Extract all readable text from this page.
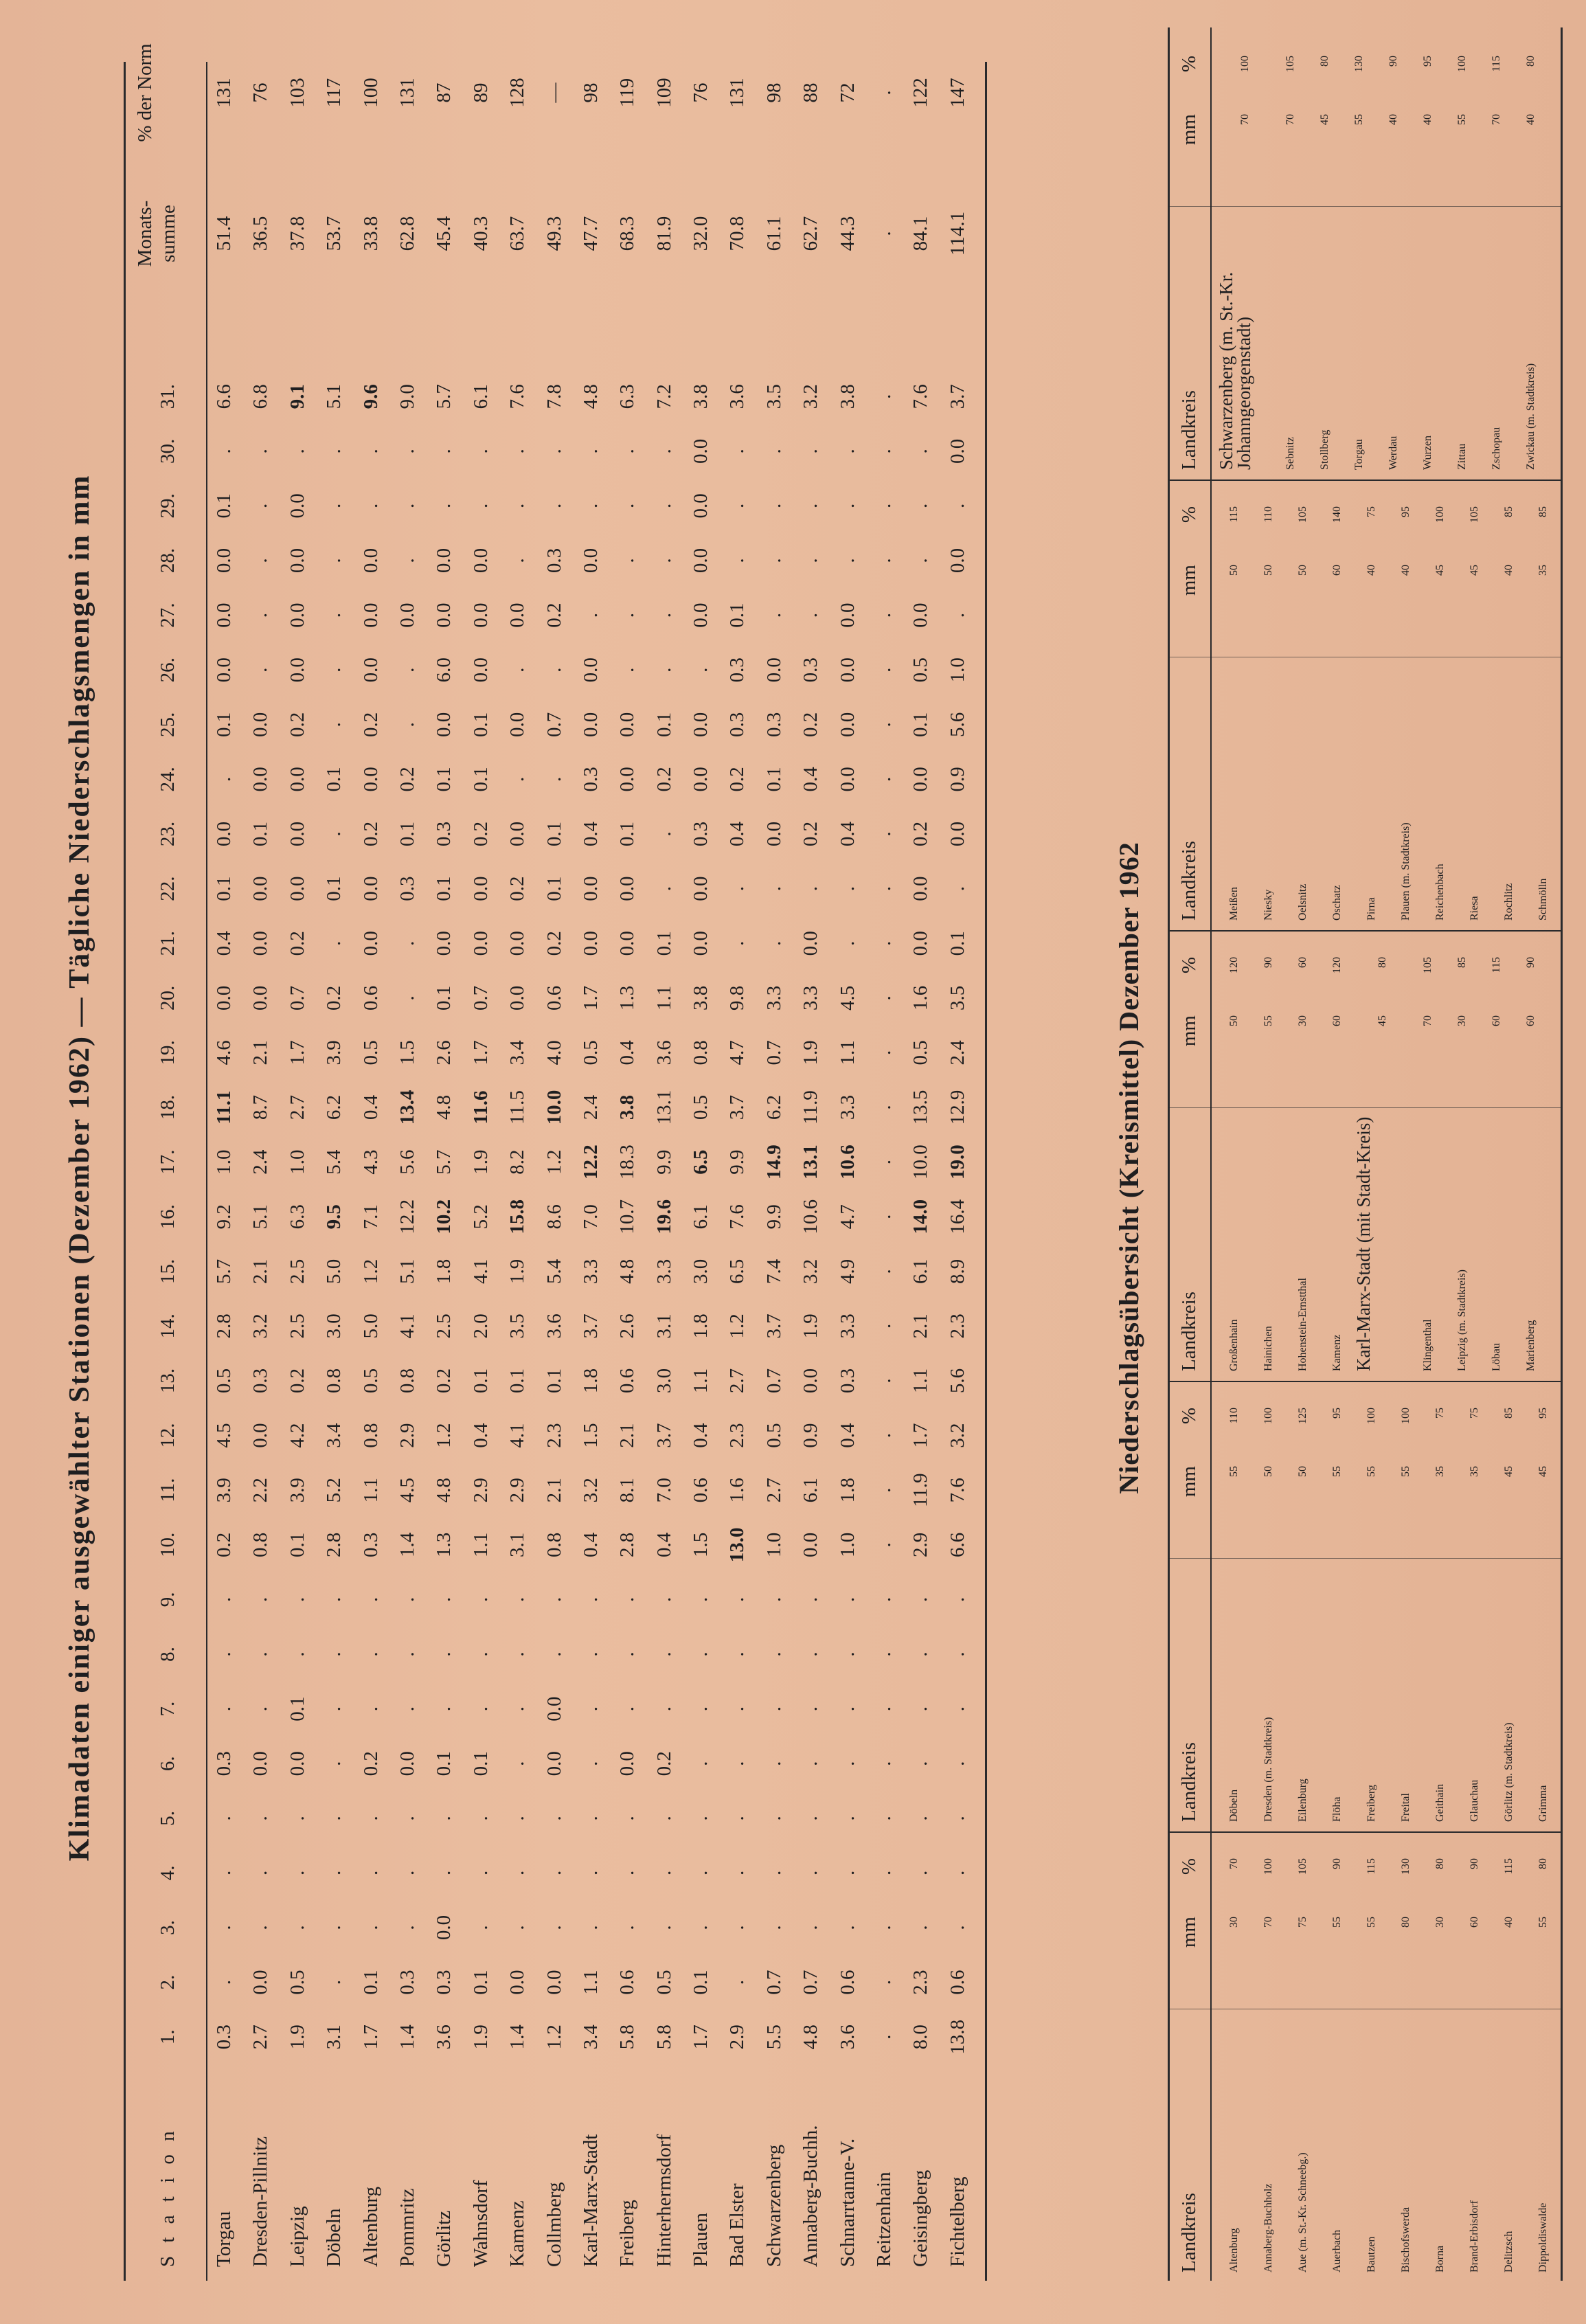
Klimadaten einiger ausgewählter Stationen (Dezember 1962) — Tägliche Niederschlagsmengen in mm
S t a t i o n
1.
2.
3.
4.
5.
6.
7.
8.
9.
10.
11.
12.
13.
14.
15.
16.
17.
18.
19.
20.
21.
22.
23.
24.
25.
26.
27.
28.
29.
30.
31.
Monats- summe
% der Norm
Torgau
0.3
.
.
.
.
0.3
.
.
.
0.2
3.9
4.5
0.5
2.8
5.7
9.2
1.0
11.1
4.6
0.0
0.4
0.1
0.0
.
0.1
0.0
0.0
0.0
0.1
.
6.6
51.4
131
Dresden-Pillnitz
2.7
0.0
.
.
.
0.0
.
.
.
0.8
2.2
0.0
0.3
3.2
2.1
5.1
2.4
8.7
2.1
0.0
0.0
0.0
0.1
0.0
0.0
.
.
.
.
.
6.8
36.5
76
Leipzig
1.9
0.5
.
.
.
0.0
0.1
.
.
0.1
3.9
4.2
0.2
2.5
2.5
6.3
1.0
2.7
1.7
0.7
0.2
0.0
0.0
0.0
0.2
0.0
0.0
0.0
0.0
.
9.1
37.8
103
Döbeln
3.1
.
.
.
.
.
.
.
.
2.8
5.2
3.4
0.8
3.0
5.0
9.5
5.4
6.2
3.9
0.2
.
0.1
.
0.1
.
.
.
.
.
.
5.1
53.7
117
Altenburg
1.7
0.1
.
.
.
0.2
.
.
.
0.3
1.1
0.8
0.5
5.0
1.2
7.1
4.3
0.4
0.5
0.6
0.0
0.0
0.2
0.0
0.2
0.0
0.0
0.0
.
.
9.6
33.8
100
Pommritz
1.4
0.3
.
.
.
0.0
.
.
.
1.4
4.5
2.9
0.8
4.1
5.1
12.2
5.6
13.4
1.5
.
.
0.3
0.1
0.2
.
.
0.0
.
.
.
9.0
62.8
131
Görlitz
3.6
0.3
0.0
.
.
0.1
.
.
.
1.3
4.8
1.2
0.2
2.5
1.8
10.2
5.7
4.8
2.6
0.1
0.0
0.1
0.3
0.1
0.0
6.0
0.0
0.0
.
.
5.7
45.4
87
Wahnsdorf
1.9
0.1
.
.
.
0.1
.
.
.
1.1
2.9
0.4
0.1
2.0
4.1
5.2
1.9
11.6
1.7
0.7
0.0
0.0
0.2
0.1
0.1
0.0
0.0
0.0
.
.
6.1
40.3
89
Kamenz
1.4
0.0
.
.
.
.
.
.
.
3.1
2.9
4.1
0.1
3.5
1.9
15.8
8.2
11.5
3.4
0.0
0.0
0.2
0.0
.
0.0
.
0.0
.
.
.
7.6
63.7
128
Collmberg
1.2
0.0
.
.
.
0.0
0.0
.
.
0.8
2.1
2.3
0.1
3.6
5.4
8.6
1.2
10.0
4.0
0.6
0.2
0.1
0.1
.
0.7
.
0.2
0.3
.
.
7.8
49.3
—
Karl-Marx-Stadt
3.4
1.1
.
.
.
.
.
.
.
0.4
3.2
1.5
1.8
3.7
3.3
7.0
12.2
2.4
0.5
1.7
0.0
0.0
0.4
0.3
0.0
0.0
.
0.0
.
.
4.8
47.7
98
Freiberg
5.8
0.6
.
.
.
0.0
.
.
.
2.8
8.1
2.1
0.6
2.6
4.8
10.7
18.3
3.8
0.4
1.3
0.0
0.0
0.1
0.0
0.0
.
.
.
.
.
6.3
68.3
119
Hinterhermsdorf
5.8
0.5
.
.
.
0.2
.
.
.
0.4
7.0
3.7
3.0
3.1
3.3
19.6
9.9
13.1
3.6
1.1
0.1
.
.
0.2
0.1
.
.
.
.
.
7.2
81.9
109
Plauen
1.7
0.1
.
.
.
.
.
.
.
1.5
0.6
0.4
1.1
1.8
3.0
6.1
6.5
0.5
0.8
3.8
0.0
0.0
0.3
0.0
0.0
.
0.0
0.0
0.0
0.0
3.8
32.0
76
Bad Elster
2.9
.
.
.
.
.
.
.
.
13.0
1.6
2.3
2.7
1.2
6.5
7.6
9.9
3.7
4.7
9.8
.
.
0.4
0.2
0.3
0.3
0.1
.
.
.
3.6
70.8
131
Schwarzenberg
5.5
0.7
.
.
.
.
.
.
.
1.0
2.7
0.5
0.7
3.7
7.4
9.9
14.9
6.2
0.7
3.3
.
.
0.0
0.1
0.3
0.0
.
.
.
.
3.5
61.1
98
Annaberg-Buchh.
4.8
0.7
.
.
.
.
.
.
.
0.0
6.1
0.9
0.0
1.9
3.2
10.6
13.1
11.9
1.9
3.3
0.0
.
0.2
0.4
0.2
0.3
.
.
.
.
3.2
62.7
88
Schnarrtanne-V.
3.6
0.6
.
.
.
.
.
.
.
1.0
1.8
0.4
0.3
3.3
4.9
4.7
10.6
3.3
1.1
4.5
.
.
0.4
0.0
0.0
0.0
0.0
.
.
.
3.8
44.3
72
Reitzenhain
.
.
.
.
.
.
.
.
.
.
.
.
.
.
.
.
.
.
.
.
.
.
.
.
.
.
.
.
.
.
.
.
.
Geisingberg
8.0
2.3
.
.
.
.
.
.
.
2.9
11.9
1.7
1.1
2.1
6.1
14.0
10.0
13.5
0.5
1.6
0.0
0.0
0.2
0.0
0.1
0.5
0.0
.
.
.
7.6
84.1
122
Fichtelberg
13.8
0.6
.
.
.
.
.
.
.
6.6
7.6
3.2
5.6
2.3
8.9
16.4
19.0
12.9
2.4
3.5
0.1
.
0.0
0.9
5.6
1.0
.
0.0
.
0.0
3.7
114.1
147
Niederschlagsübersicht (Kreismittel) Dezember 1962
Landkreis
mm
%
Landkreis
mm
%
Landkreis
mm
%
Landkreis
mm
%
Landkreis
mm
%
Altenburg
30
70
Annaberg-Buchholz
70
100
Aue (m. St.-Kr. Schneebg.)
75
105
Auerbach
55
90
Bautzen
55
115
Bischofswerda
80
130
Borna
30
80
Brand-Erbisdorf
60
90
Delitzsch
40
115
Dippoldiswalde
55
80
Döbeln
55
110
Dresden (m. Stadtkreis)
50
100
Eilenburg
50
125
Flöha
55
95
Freiberg
55
100
Freital
55
100
Geithain
35
75
Glauchau
35
75
Görlitz (m. Stadtkreis)
45
85
Grimma
45
95
Großenhain
50
120
Hainichen
55
90
Hohenstein-Ernstthal
30
60
Kamenz
60
120
Karl-Marx-Stadt (mit Stadt-Kreis)
45
80
Klingenthal
70
105
Leipzig (m. Stadtkreis)
30
85
Löbau
60
115
Marienberg
60
90
Meißen
50
115
Niesky
50
110
Oelsnitz
50
105
Oschatz
60
140
Pirna
40
75
Plauen (m. Stadtkreis)
40
95
Reichenbach
45
100
Riesa
45
105
Rochlitz
40
85
Schmölln
35
85
Schwarzenberg (m. St.-Kr. Johanngeorgenstadt)
70
100
Sebnitz
70
105
Stollberg
45
80
Torgau
55
130
Werdau
40
90
Wurzen
40
95
Zittau
55
100
Zschopau
70
115
Zwickau (m. Stadtkreis)
40
80
